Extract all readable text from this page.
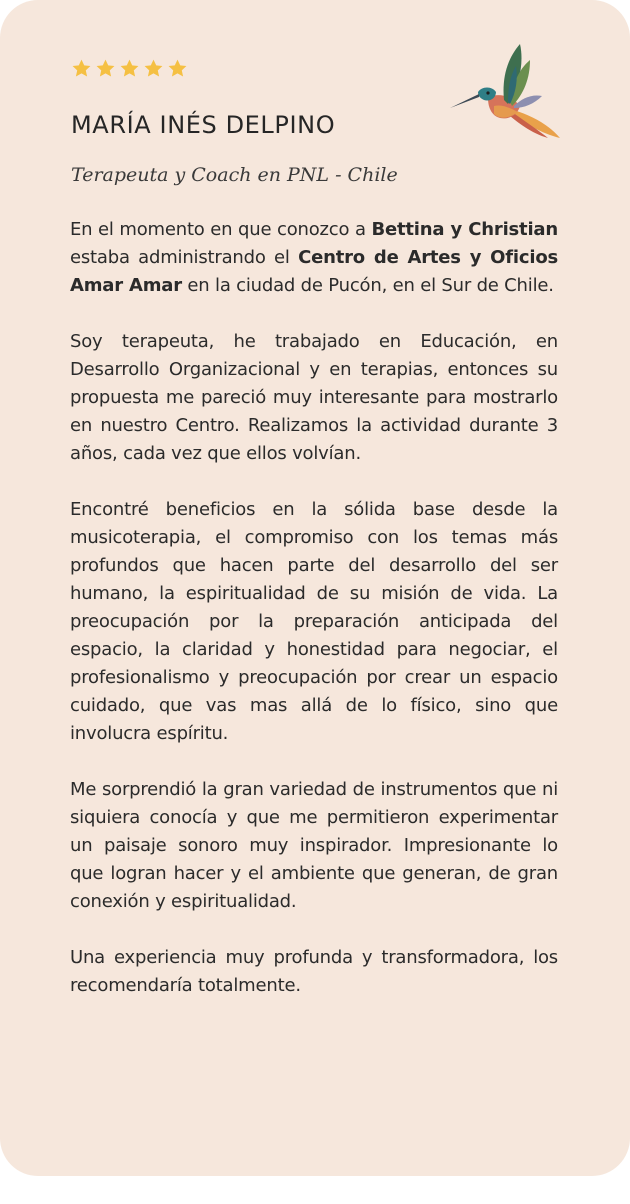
MARÍA INÉS DELPINO
Terapeuta y Coach en PNL - Chile

En el momento en que conozco a Bettina y Christian estaba administrando el Centro de Artes y Oficios Amar Amar en la ciudad de Pucón, en el Sur de Chile.

Soy terapeuta, he trabajado en Educación, en Desarrollo Organizacional y en terapias, entonces su propuesta me pareció muy interesante para mostrarlo en nuestro Centro. Realizamos la actividad durante 3 años, cada vez que ellos volvían.

Encontré beneficios en la sólida base desde la musicoterapia, el compromiso con los temas más profundos que hacen parte del desarrollo del ser humano, la espiritualidad de su misión de vida. La preocupación por la preparación anticipada del espacio, la claridad y honestidad para negociar, el profesionalismo y preocupación por crear un espacio cuidado, que vas mas allá de lo físico, sino que involucra espíritu.

Me sorprendió la gran variedad de instrumentos que ni siquiera conocía y que me permitieron experimentar un paisaje sonoro muy inspirador. Impresionante lo que logran hacer y el ambiente que generan, de gran conexión y espiritualidad.

Una experiencia muy profunda y transformadora, los recomendaría totalmente.
